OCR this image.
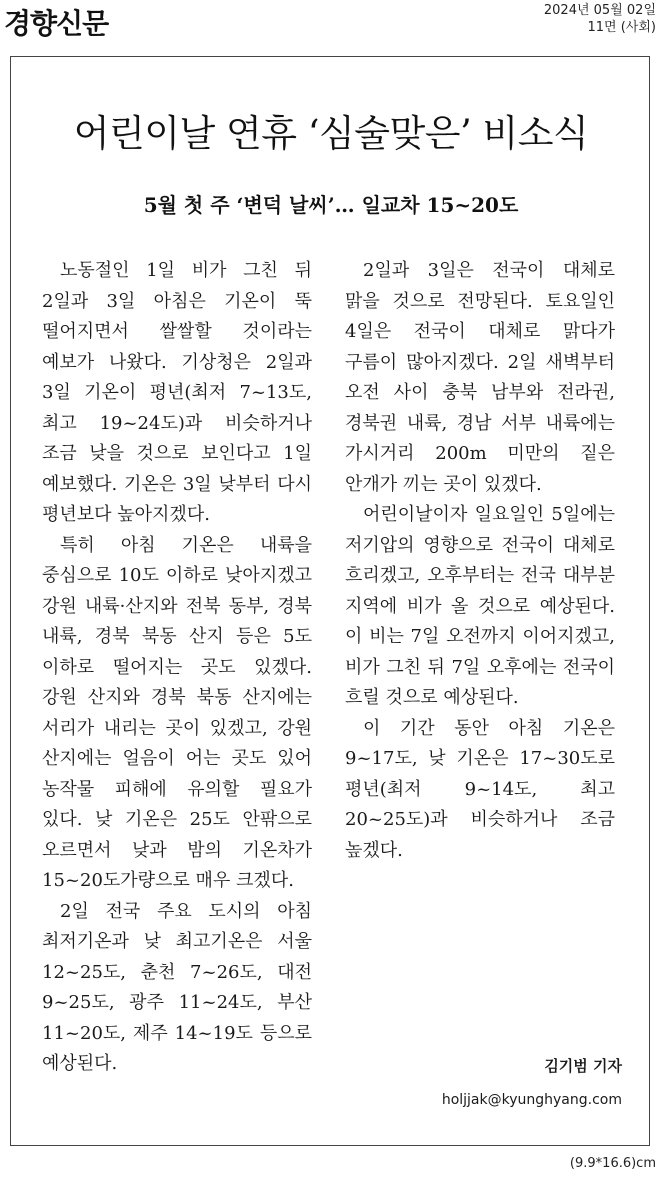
경향신문	2024년 05월 02일
11면 (사회)
어린이날 연휴 ‘심술맞은’ 비소식
5월 첫 주 ‘변덕 날씨’… 일교차 15~20도

노동절인 1일 비가 그친 뒤 2일과 3일 아침은 기온이 뚝 떨어지면서 쌀쌀할 것이라는 예보가 나왔다. 기상청은 2일과 3일 기온이 평년(최저 7~13도, 최고 19~24도)과 비슷하거나 조금 낮을 것으로 보인다고 1일 예보했다. 기온은 3일 낮부터 다시 평년보다 높아지겠다.

특히 아침 기온은 내륙을 중심으로 10도 이하로 낮아지겠고 강원 내륙·산지와 전북 동부, 경북 내륙, 경북 북동 산지 등은 5도 이하로 떨어지는 곳도 있겠다. 강원 산지와 경북 북동 산지에는 서리가 내리는 곳이 있겠고, 강원 산지에는 얼음이 어는 곳도 있어 농작물 피해에 유의할 필요가 있다. 낮 기온은 25도 안팎으로 오르면서 낮과 밤의 기온차가 15~20도가량으로 매우 크겠다.

2일 전국 주요 도시의 아침 최저기온과 낮 최고기온은 서울 12~25도, 춘천 7~26도, 대전 9~25도, 광주 11~24도, 부산 11~20도, 제주 14~19도 등으로 예상된다.

2일과 3일은 전국이 대체로 맑을 것으로 전망된다. 토요일인 4일은 전국이 대체로 맑다가 구름이 많아지겠다. 2일 새벽부터 오전 사이 충북 남부와 전라권, 경북권 내륙, 경남 서부 내륙에는 가시거리 200m 미만의 짙은 안개가 끼는 곳이 있겠다.

어린이날이자 일요일인 5일에는 저기압의 영향으로 전국이 대체로 흐리겠고, 오후부터는 전국 대부분 지역에 비가 올 것으로 예상된다. 이 비는 7일 오전까지 이어지겠고, 비가 그친 뒤 7일 오후에는 전국이 흐릴 것으로 예상된다.

이 기간 동안 아침 기온은 9~17도, 낮 기온은 17~30도로 평년(최저 9~14도, 최고 20~25도)과 비슷하거나 조금 높겠다.

김기범 기자
holjjak@kyunghyang.com
(9.9*16.6)cm
